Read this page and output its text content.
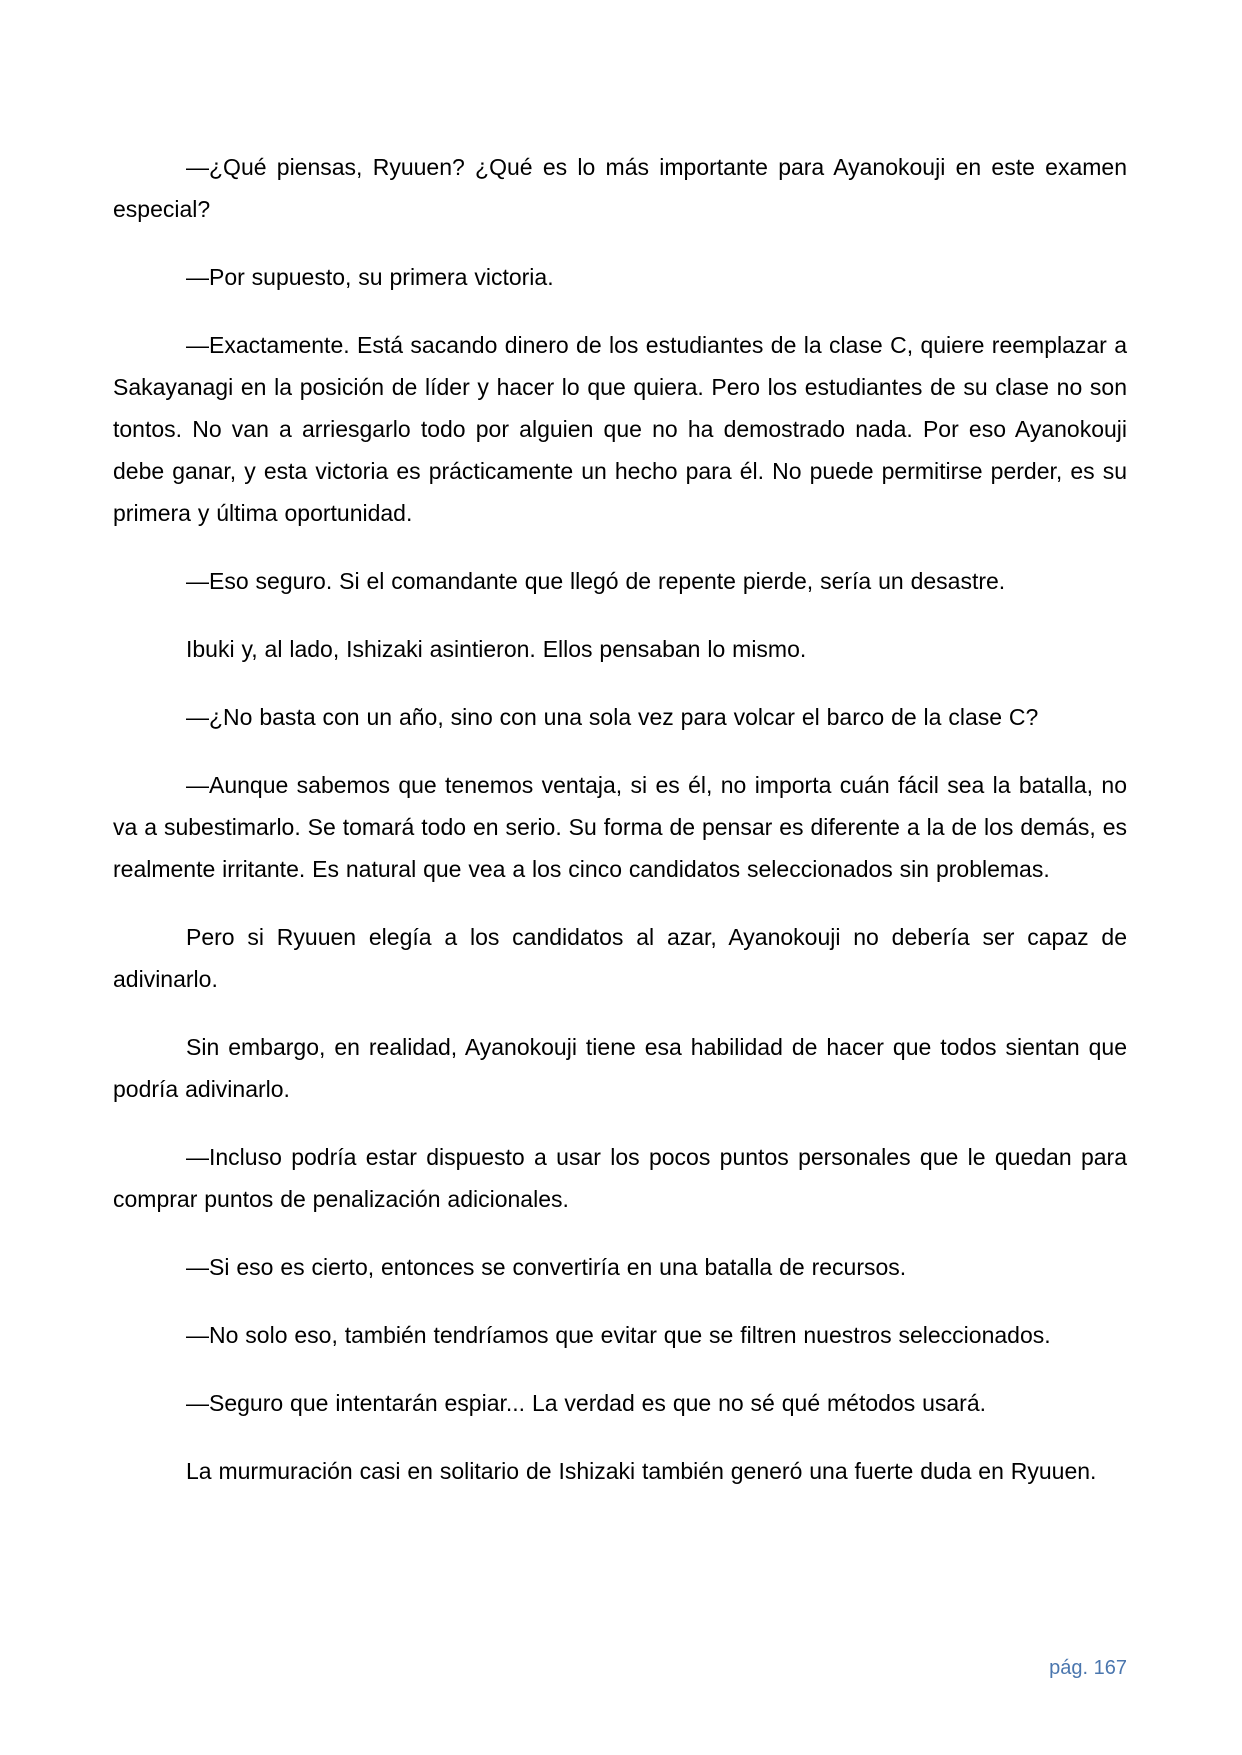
—¿Qué piensas, Ryuuen? ¿Qué es lo más importante para Ayanokouji en este examen especial?

—Por supuesto, su primera victoria.

—Exactamente. Está sacando dinero de los estudiantes de la clase C, quiere reemplazar a Sakayanagi en la posición de líder y hacer lo que quiera. Pero los estudiantes de su clase no son tontos. No van a arriesgarlo todo por alguien que no ha demostrado nada. Por eso Ayanokouji debe ganar, y esta victoria es prácticamente un hecho para él. No puede permitirse perder, es su primera y última oportunidad.

—Eso seguro. Si el comandante que llegó de repente pierde, sería un desastre.

Ibuki y, al lado, Ishizaki asintieron. Ellos pensaban lo mismo.

—¿No basta con un año, sino con una sola vez para volcar el barco de la clase C?

—Aunque sabemos que tenemos ventaja, si es él, no importa cuán fácil sea la batalla, no va a subestimarlo. Se tomará todo en serio. Su forma de pensar es diferente a la de los demás, es realmente irritante. Es natural que vea a los cinco candidatos seleccionados sin problemas.

Pero si Ryuuen elegía a los candidatos al azar, Ayanokouji no debería ser capaz de adivinarlo.

Sin embargo, en realidad, Ayanokouji tiene esa habilidad de hacer que todos sientan que podría adivinarlo.

—Incluso podría estar dispuesto a usar los pocos puntos personales que le quedan para comprar puntos de penalización adicionales.

—Si eso es cierto, entonces se convertiría en una batalla de recursos.

—No solo eso, también tendríamos que evitar que se filtren nuestros seleccionados.

—Seguro que intentarán espiar... La verdad es que no sé qué métodos usará.

La murmuración casi en solitario de Ishizaki también generó una fuerte duda en Ryuuen.

pág. 167
